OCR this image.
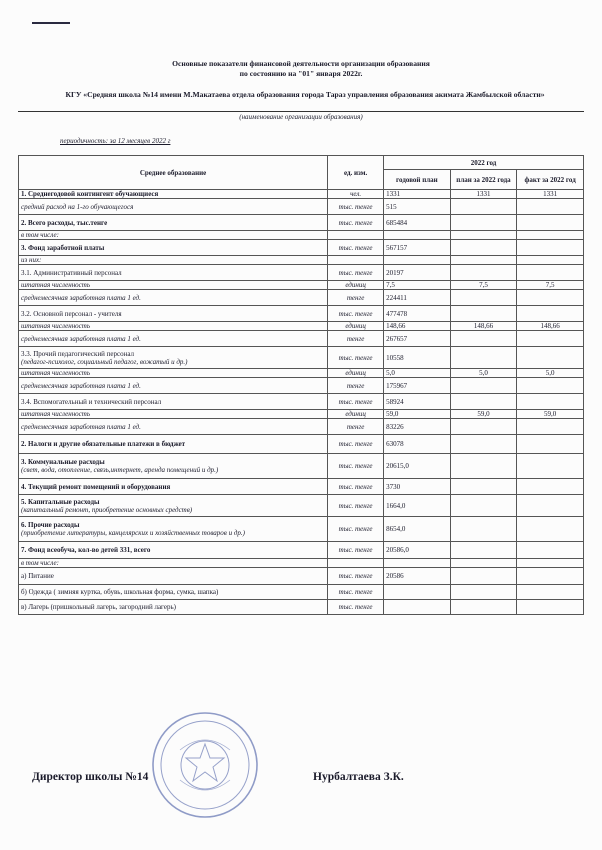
Основные показатели финансовой деятельности организации образования
по состоянию на "01" января 2022г.
КГУ «Средняя школа №14 имени М.Макатаева отдела образования города Тараз управления образования акимата Жамбылской области»
(наименование организации образования)
периодичность: за 12 месяцев 2022 г
Среднее образование	ед. изм.	2022 год		
		годовой план	план за 2022 года	факт за 2022 год
1. Среднегодовой контингент обучающиеся	чел.	1331	1331	1331
средний расход на 1-го обучающегося	тыс. тенге	515		
2. Всего расходы, тыс.тенге	тыс. тенге	685484		
в том числе:				
3. Фонд заработной платы	тыс. тенге	567157		
из них:				
3.1. Административный персонал	тыс. тенге	20197		
штатная численность	единиц	7,5	7,5	7,5
среднемесячная заработная плата 1 ед.	тенге	224411		
3.2. Основной персонал - учителя	тыс. тенге	477478		
штатная численность	единиц	148,66	148,66	148,66
среднемесячная заработная плата 1 ед.	тенге	267657		
3.3. Прочий педагогический персонал
(педагог-психолог, социальный педагог, вожатый и др.)	тыс. тенге	10558		
штатная численность	единиц	5,0	5,0	5,0
среднемесячная заработная плата 1 ед.	тенге	175967		
3.4. Вспомогательный и технический персонал	тыс. тенге	58924		
штатная численность	единиц	59,0	59,0	59,0
среднемесячная заработная плата 1 ед.	тенге	83226		
2. Налоги и другие обязательные платежи в бюджет	тыс. тенге	63078		
3. Коммунальные расходы
(свет, вода, отопление, связь,интернет, аренда помещений и др.)	тыс. тенге	20615,0		
4. Текущий ремонт помещений и оборудования	тыс. тенге	3730		
5. Капитальные расходы
(капитальный ремонт, приобретение основных средств)	тыс. тенге	1664,0		
6. Прочие расходы
(приобретение литературы, канцелярских и хозяйственных товаров и др.)	тыс. тенге	8654,0		
7. Фонд всеобуча, кол-во детей 331, всего	тыс. тенге	20586,0		
в том числе:				
а) Питание	тыс. тенге	20586		
б) Одежда ( зимняя куртка, обувь, школьная форма, сумка, шапка)	тыс. тенге			
в) Лагерь (пришкольный лагерь, загородний лагерь)	тыс. тенге			
Директор школы №14	Нурбалтаева З.К.
